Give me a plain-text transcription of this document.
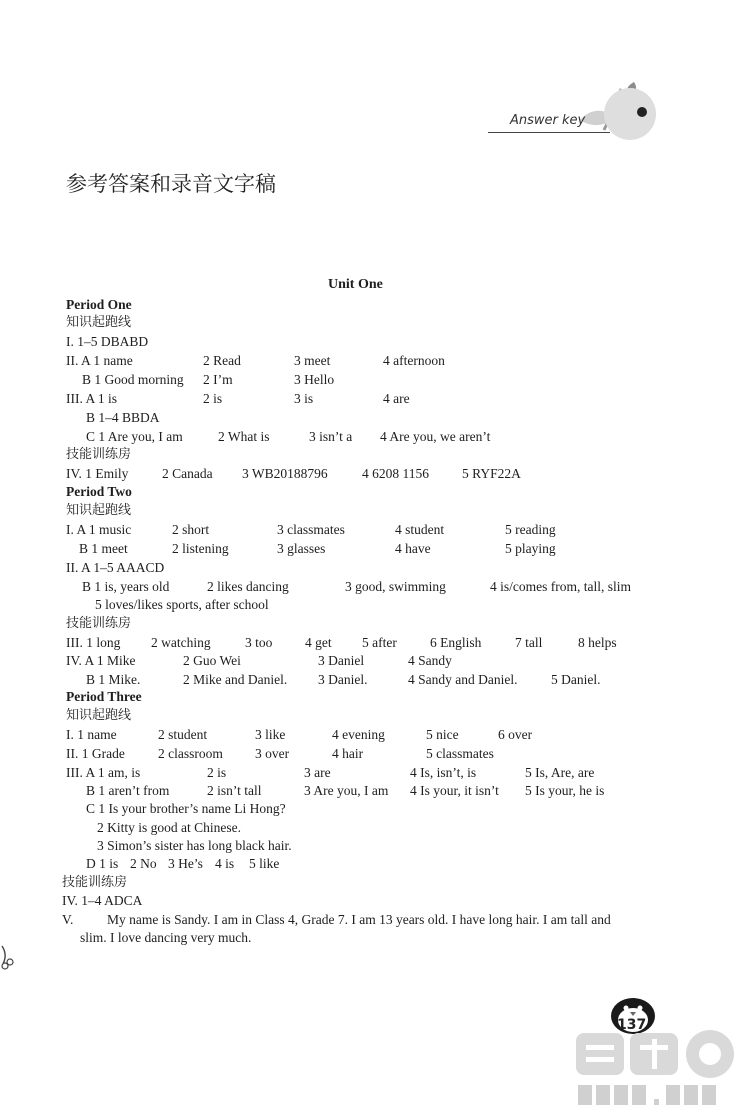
Answer key
参考答案和录音文字稿
Unit One
Period One
知识起跑线
I. 1–5 DBABD
II. A 1 name	2 Read	3 meet	4 afternoon
B 1 Good morning 2 I’m	3 Hello
III. A 1 is	2 is	3 is	4 are
B 1–4 BBDA
C 1 Are you, I am	2 What is	3 isn’t a 4 Are you, we aren’t
技能训练房
IV. 1 Emily 2 Canada 3 WB20188796	4 6208 1156 5 RYF22A
Period Two
知识起跑线
I. A 1 music	2 short	3 classmates	4 student	5 reading
B 1 meet	2 listening	3 glasses	4 have	5 playing
II. A 1–5 AAACD
B 1 is, years old	2 likes dancing	3 good, swimming	4 is/comes from, tall, slim
5 loves/likes sports, after school
技能训练房
III. 1 long 2 watching	3 too 4 get 5 after 6 English 7 tall	8 helps
IV. A 1 Mike	2 Guo Wei	3 Daniel	4 Sandy
B 1 Mike.	2 Mike and Daniel. 3 Daniel.	4 Sandy and Daniel. 5 Daniel.
Period Three
知识起跑线
I. 1 name	2 student	3 like	4 evening	5 nice	6 over
II. 1 Grade 2 classroom 3 over	4 hair	5 classmates
III. A 1 am, is	2 is	3 are	4 Is, isn’t, is	5 Is, Are, are
B 1 aren’t from	2 isn’t tall	3 Are you, I am 4 Is your, it isn’t 5 Is your, he is
C 1 Is your brother’s name Li Hong?
2 Kitty is good at Chinese.
3 Simon’s sister has long black hair.
D 1 is 2 No 3 He’s 4 is 5 like
技能训练房
IV. 1–4 ADCA
V. My name is Sandy. I am in Class 4, Grade 7. I am 13 years old. I have long hair. I am tall and
slim. I love dancing very much.
137
